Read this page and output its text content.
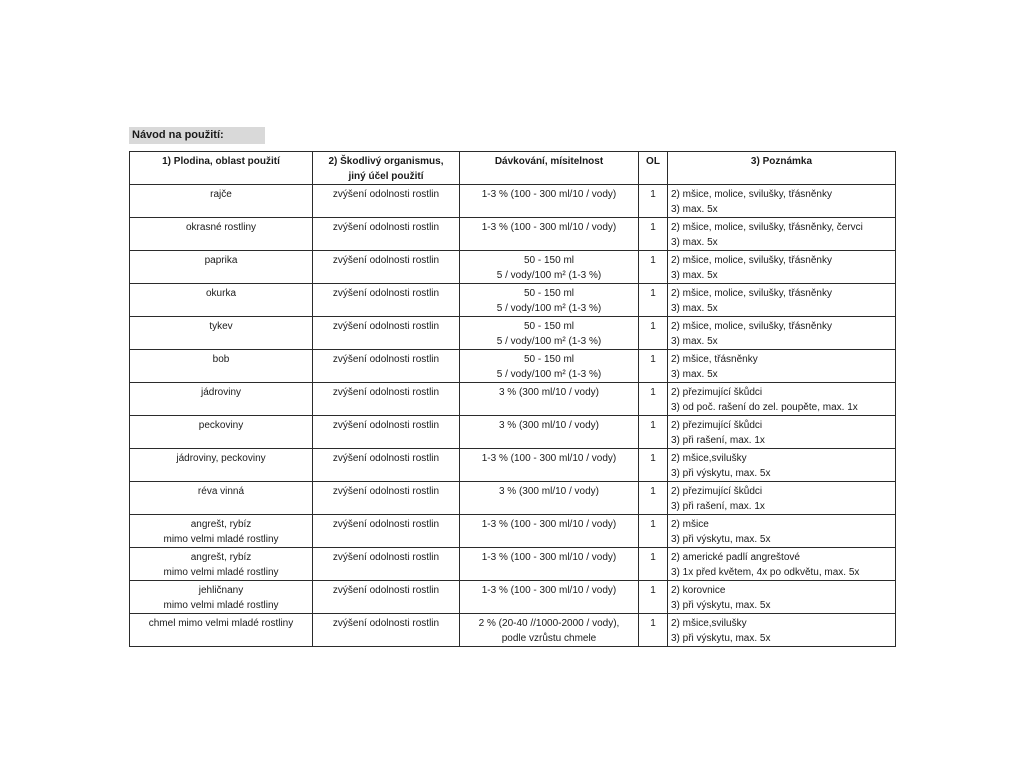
Návod na použití:
1) Plodina, oblast použití	2) Škodlivý organismus,
jiný účel použití	Dávkování, mísitelnost	OL	3) Poznámka

rajče	zvýšení odolnosti rostlin	1-3 % (100 - 300 ml/10 / vody)	1	2) mšice, molice, svilušky, třásněnky
3) max. 5x

okrasné rostliny	zvýšení odolnosti rostlin	1-3 % (100 - 300 ml/10 / vody)	1	2) mšice, molice, svilušky, třásněnky, červci
3) max. 5x

paprika	zvýšení odolnosti rostlin	50 - 150 ml
5 / vody/100 m² (1-3 %)	1	2) mšice, molice, svilušky, třásněnky
3) max. 5x

okurka	zvýšení odolnosti rostlin	50 - 150 ml
5 / vody/100 m² (1-3 %)	1	2) mšice, molice, svilušky, třásněnky
3) max. 5x

tykev	zvýšení odolnosti rostlin	50 - 150 ml
5 / vody/100 m² (1-3 %)	1	2) mšice, molice, svilušky, třásněnky
3) max. 5x

bob	zvýšení odolnosti rostlin	50 - 150 ml
5 / vody/100 m² (1-3 %)	1	2) mšice, třásněnky
3) max. 5x

jádroviny	zvýšení odolnosti rostlin	3 % (300 ml/10 / vody)	1	2) přezimující škůdci
3) od poč. rašení do zel. poupěte, max. 1x

peckoviny	zvýšení odolnosti rostlin	3 % (300 ml/10 / vody)	1	2) přezimující škůdci
3) při rašení, max. 1x

jádroviny, peckoviny	zvýšení odolnosti rostlin	1-3 % (100 - 300 ml/10 / vody)	1	2) mšice,svilušky
3) při výskytu, max. 5x

réva vinná	zvýšení odolnosti rostlin	3 % (300 ml/10 / vody)	1	2) přezimující škůdci
3) při rašení, max. 1x

angrešt, rybíz
mimo velmi mladé rostliny	zvýšení odolnosti rostlin	1-3 % (100 - 300 ml/10 / vody)	1	2) mšice
3) při výskytu, max. 5x

angrešt, rybíz
mimo velmi mladé rostliny	zvýšení odolnosti rostlin	1-3 % (100 - 300 ml/10 / vody)	1	2) americké padlí angreštové
3) 1x před květem, 4x po odkvětu, max. 5x

jehličnany
mimo velmi mladé rostliny	zvýšení odolnosti rostlin	1-3 % (100 - 300 ml/10 / vody)	1	2) korovnice
3) při výskytu, max. 5x

chmel mimo velmi mladé rostliny	zvýšení odolnosti rostlin	2 % (20-40 //1000-2000 / vody),
podle vzrůstu chmele	1	2) mšice,svilušky
3) při výskytu, max. 5x
